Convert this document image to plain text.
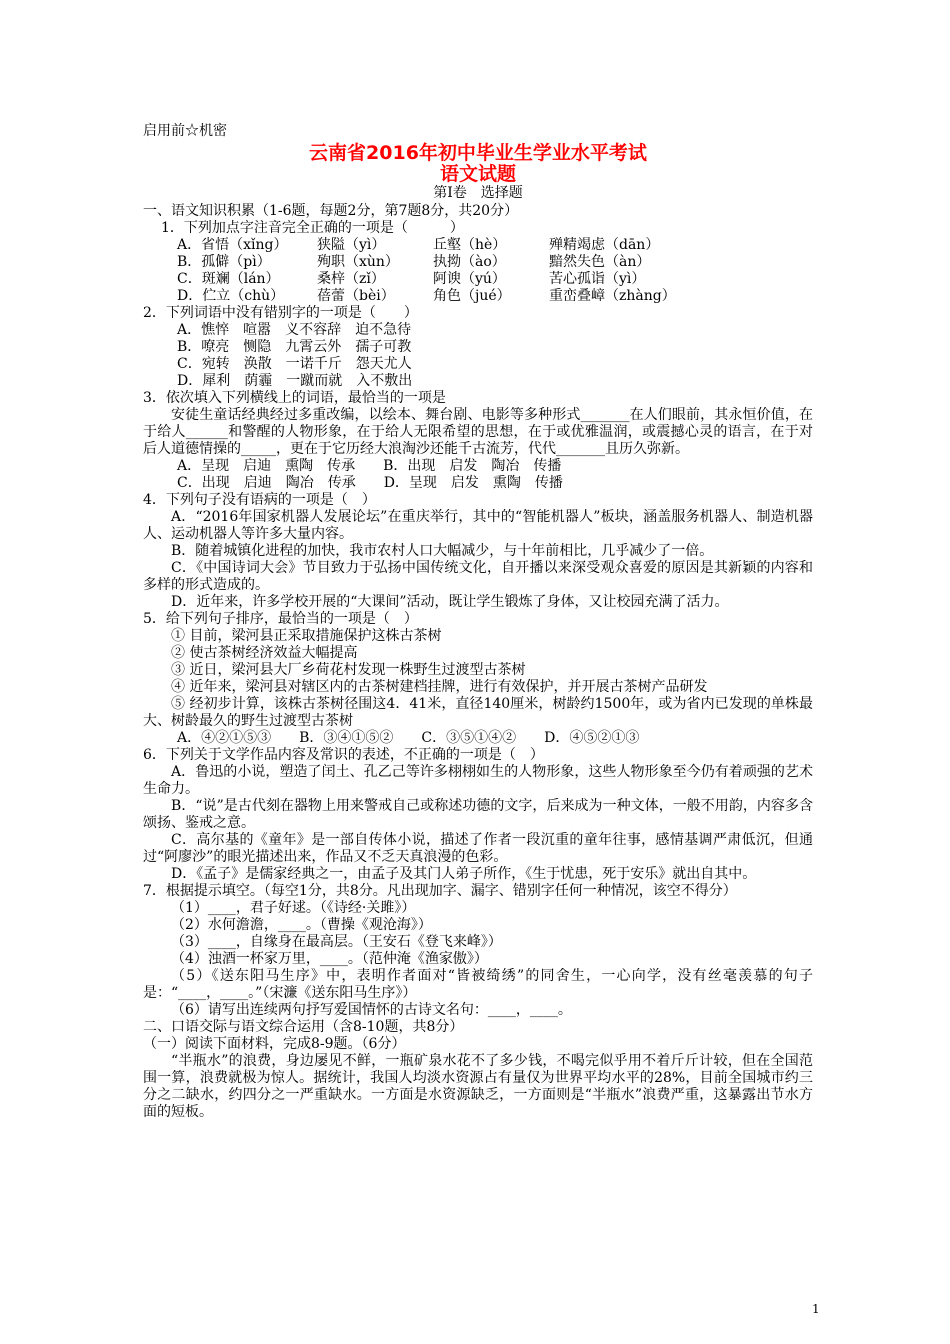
启用前☆机密
云南省2016年初中毕业生学业水平考试
语文试题
第Ⅰ卷　选择题
一、语文知识积累（1-6题，每题2分，第7题8分，共20分）
1．下列加点字注音完全正确的一项是（　　　）
A．省悟（xǐng） 狭隘（yì）	丘壑（hè）	殚精竭虑（dān）
B．孤僻（pì）	殉职（xùn） 执拗（ào）	黯然失色（àn）
C．斑斓（lán）	桑梓（zǐ）	阿谀（yú）	苦心孤诣（yì）
D．伫立（chù） 蓓蕾（bèi）	角色（jué）	重峦叠嶂（zhàng）
2．下列词语中没有错别字的一项是（　　）
A．憔悴　喧嚣　义不容辞　迫不急待
B．嘹亮　恻隐　九霄云外　孺子可教
C．宛转　涣散　一诺千斤　怨天尤人
D．犀利　荫霾　一蹴而就　入不敷出
3．依次填入下列横线上的词语，最恰当的一项是
安徒生童话经典经过多重改编，以绘本、舞台剧、电影等多种形式_______在人们眼前，其永恒价值，在于给人______和警醒的人物形象，在于给人无限希望的思想，在于或优雅温润，或震撼心灵的语言，在于对后人道德情操的_____，更在于它历经大浪淘沙还能千古流芳，代代_______且历久弥新。
A．呈现　启迪　熏陶　传承　　B．出现　启发　陶冶　传播
C．出现　启迪　陶冶　传承　　D．呈现　启发　熏陶　传播
4．下列句子没有语病的一项是（　）
A．“2016年国家机器人发展论坛”在重庆举行，其中的“智能机器人”板块，涵盖服务机器人、制造机器人、运动机器人等许多大量内容。
B．随着城镇化进程的加快，我市农村人口大幅减少，与十年前相比，几乎减少了一倍。
C．《中国诗词大会》节目致力于弘扬中国传统文化，自开播以来深受观众喜爱的原因是其新颖的内容和多样的形式造成的。
D．近年来，许多学校开展的“大课间”活动，既让学生锻炼了身体，又让校园充满了活力。
5．给下列句子排序，最恰当的一项是（　）
① 目前，梁河县正采取措施保护这株古茶树
② 使古茶树经济效益大幅提高
③ 近日，梁河县大厂乡荷花村发现一株野生过渡型古茶树
④ 近年来，梁河县对辖区内的古茶树建档挂牌，进行有效保护，并开展古茶树产品研发
⑤ 经初步计算，该株古茶树径围这4．41米，直径140厘米，树龄约1500年，或为省内已发现的单株最大、树龄最久的野生过渡型古茶树
A．④②①⑤③　　B．③④①⑤②　　C．③⑤①④②　　D．④⑤②①③
6．下列关于文学作品内容及常识的表述，不正确的一项是（　）
A．鲁迅的小说，塑造了闰土、孔乙己等许多栩栩如生的人物形象，这些人物形象至今仍有着顽强的艺术生命力。
B．“说”是古代刻在器物上用来警戒自己或称述功德的文字，后来成为一种文体，一般不用韵，内容多含颂扬、鉴戒之意。
C．高尔基的《童年》是一部自传体小说，描述了作者一段沉重的童年往事，感情基调严肃低沉，但通过“阿廖沙”的眼光描述出来，作品又不乏天真浪漫的色彩。
D．《孟子》是儒家经典之一，由孟子及其门人弟子所作，《生于忧患，死于安乐》就出自其中。
7．根据提示填空。（每空1分，共8分。凡出现加字、漏字、错别字任何一种情况，该空不得分）
（1）____，君子好逑。（《诗经·关雎》）
（2）水何澹澹，____。（曹操《观沧海》）
（3）____，自缘身在最高层。（王安石《登飞来峰》）
（4）浊酒一杯家万里，____。（范仲淹《渔家傲》）
（5）《送东阳马生序》中，表明作者面对“皆被绮绣”的同舍生，一心向学，没有丝毫羡慕的句子是：“____，____。”（宋濂《送东阳马生序》）
（6）请写出连续两句抒写爱国情怀的古诗文名句：____，____。
二、口语交际与语文综合运用（含8-10题，共8分）
（一）阅读下面材料，完成8-9题。（6分）
“半瓶水”的浪费，身边屡见不鲜，一瓶矿泉水花不了多少钱，不喝完似乎用不着斤斤计较，但在全国范围一算，浪费就极为惊人。据统计，我国人均淡水资源占有量仅为世界平均水平的28%，目前全国城市约三分之二缺水，约四分之一严重缺水。一方面是水资源缺乏，一方面则是“半瓶水”浪费严重，这暴露出节水方面的短板。
1
